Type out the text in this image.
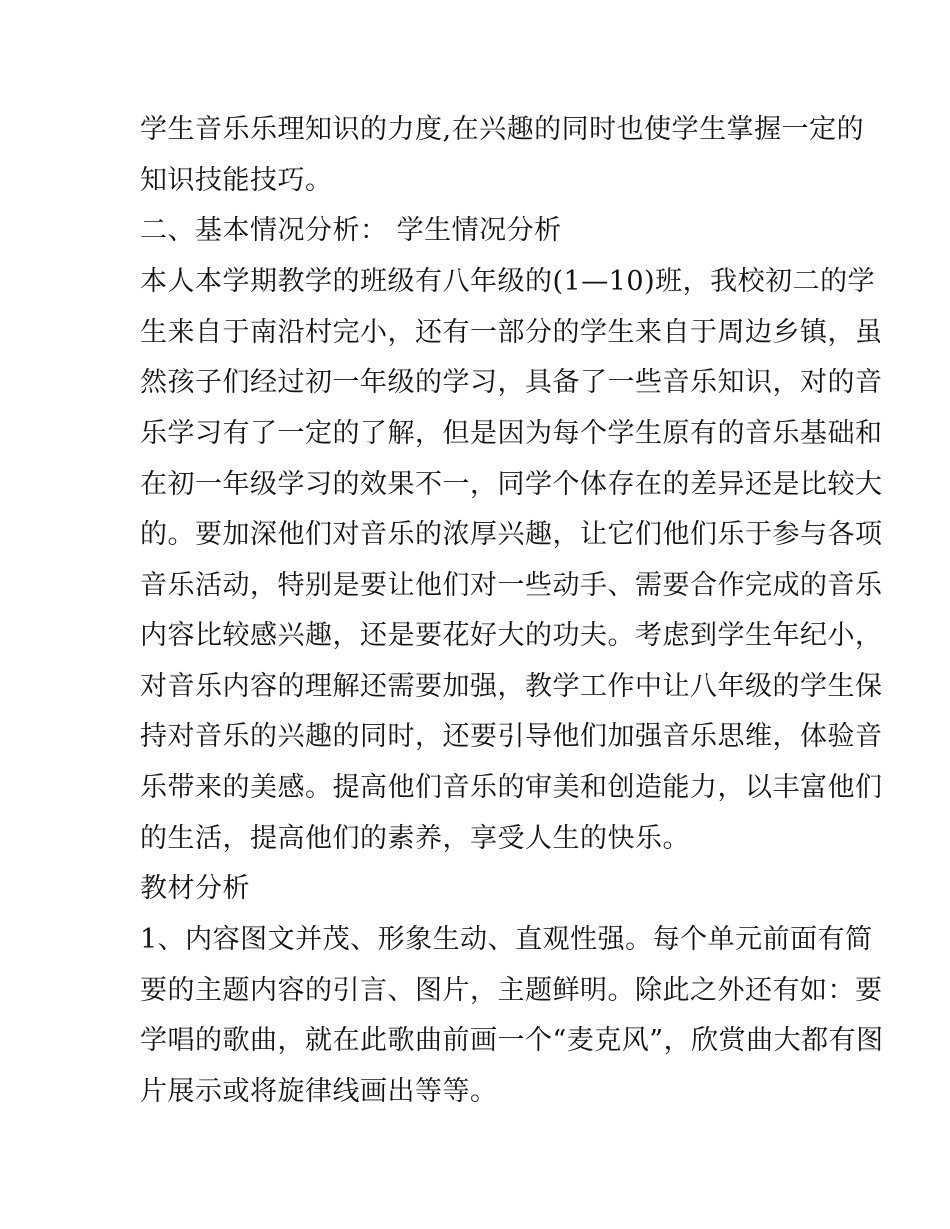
学生音乐乐理知识的力度,在兴趣的同时也使学生掌握一定的
知识技能技巧。
二、基本情况分析： 学生情况分析
本人本学期教学的班级有八年级的(1—10)班，我校初二的学
生来自于南沿村完小，还有一部分的学生来自于周边乡镇，虽
然孩子们经过初一年级的学习，具备了一些音乐知识，对的音
乐学习有了一定的了解，但是因为每个学生原有的音乐基础和
在初一年级学习的效果不一，同学个体存在的差异还是比较大
的。要加深他们对音乐的浓厚兴趣，让它们他们乐于参与各项
音乐活动，特别是要让他们对一些动手、需要合作完成的音乐
内容比较感兴趣，还是要花好大的功夫。考虑到学生年纪小，
对音乐内容的理解还需要加强，教学工作中让八年级的学生保
持对音乐的兴趣的同时，还要引导他们加强音乐思维，体验音
乐带来的美感。提高他们音乐的审美和创造能力，以丰富他们
的生活，提高他们的素养，享受人生的快乐。
教材分析
1、内容图文并茂、形象生动、直观性强。每个单元前面有简
要的主题内容的引言、图片，主题鲜明。除此之外还有如：要
学唱的歌曲，就在此歌曲前画一个“麦克风”，欣赏曲大都有图
片展示或将旋律线画出等等。
